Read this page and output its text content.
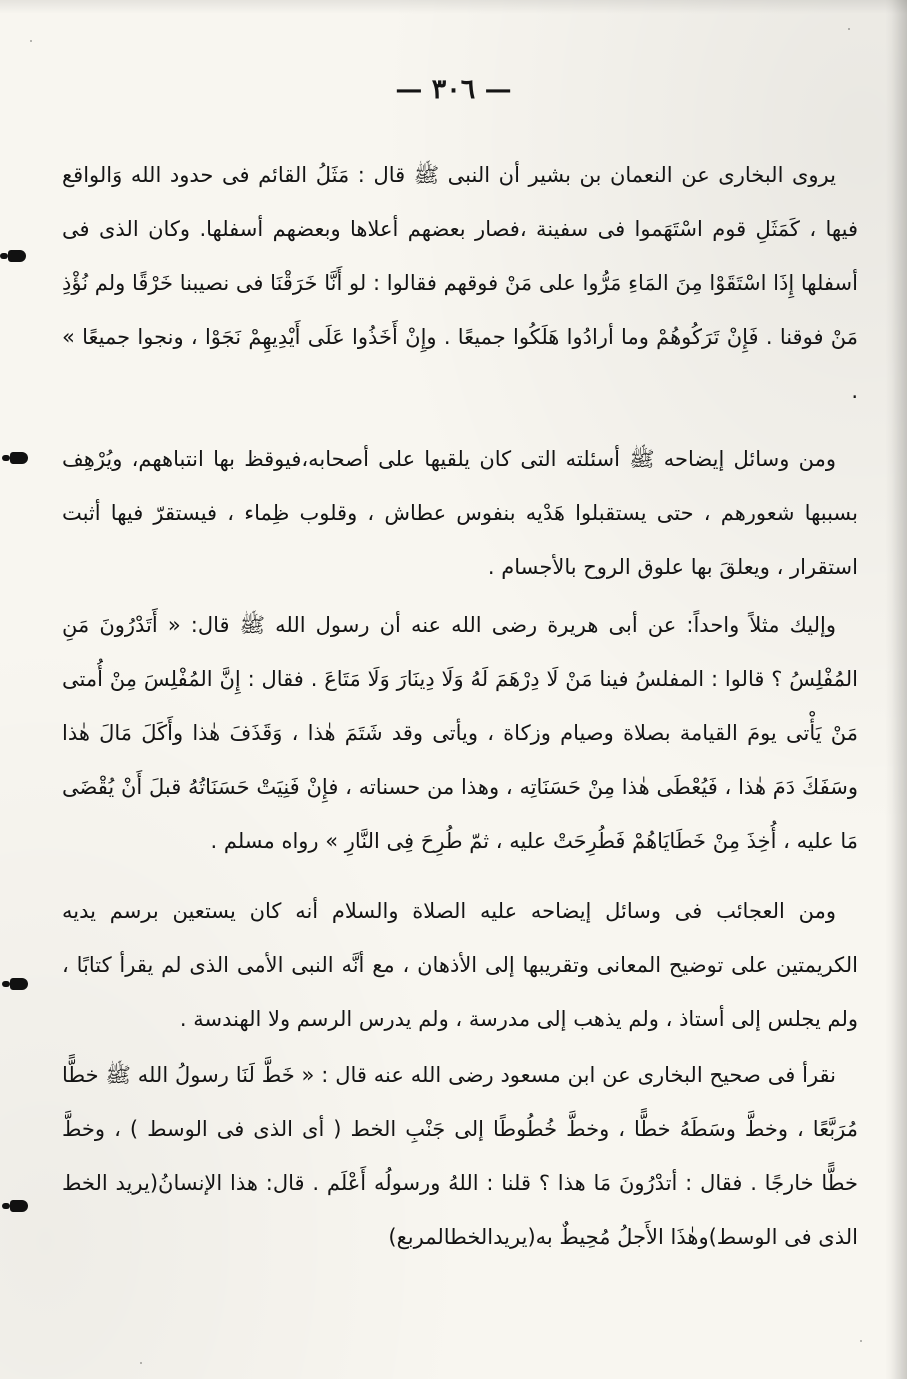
— ٣٠٦ —

يروى البخارى عن النعمان بن بشير أن النبى ﷺ قال : مَثَلُ القائم فى حدود الله وَالواقع فيها ، كَمَثَلِ قوم اسْتَهَموا فى سفينة ،فصار بعضهم أعلاها وبعضهم أسفلها. وكان الذى فى أسفلها إِذَا اسْتَقَوْا مِنَ المَاءِ مَرُّوا على مَنْ فوقهم فقالوا : لو أَنَّا خَرَقْنَا فى نصيبنا خَرْقًا ولم نُؤْذِ مَنْ فوقنا . فَإِنْ تَرَكُوهُمْ وما أرادُوا هَلَكُوا جميعًا . وإِنْ أَخَذُوا عَلَى أَيْدِيهِمْ نَجَوْا ، ونجوا جميعًا » .

ومن وسائل إيضاحه ﷺ أسئلته التى كان يلقيها على أصحابه،فيوقظ بها انتباههم، ويُرْهِف بسببها شعورهم ، حتى يستقبلوا هَدْيه بنفوس عطاش ، وقلوب ظِماء ، فيستقرّ فيها أثبت استقرار ، ويعلقَ بها علوق الروح بالأجسام .

وإليك مثلاً واحداً: عن أبى هريرة رضى الله عنه أن رسول الله ﷺ قال: « أَتَدْرُونَ مَنِ المُفْلِسُ ؟ قالوا : المفلسُ فينا مَنْ لَا دِرْهَمَ لَهُ وَلَا دِينَارَ وَلَا مَتَاعَ . فقال : إِنَّ المُفْلِسَ مِنْ أُمتى مَنْ يَأْتى يومَ القيامة بصلاة وصيام وزكاة ، ويأتى وقد شَتَمَ هٰذا ، وَقَذَفَ هٰذا وأَكَلَ مَالَ هٰذا وسَفَكَ دَمَ هٰذا ، فَيُعْطَى هٰذا مِنْ حَسَنَاتِه ، وهذا من حسناته ، فإِنْ فَنِيَتْ حَسَنَاتُهُ قبلَ أَنْ يُقْضَى مَا عليه ، أُخِذَ مِنْ خَطَايَاهُمْ فَطُرِحَتْ عليه ، ثمّ طُرِحَ فِى النَّارِ » رواه مسلم .

ومن العجائب فى وسائل إيضاحه عليه الصلاة والسلام أنه كان يستعين برسم يديه الكريمتين على توضيح المعانى وتقريبها إلى الأذهان ، مع أنَّه النبى الأمى الذى لم يقرأ كتابًا ، ولم يجلس إلى أستاذ ، ولم يذهب إلى مدرسة ، ولم يدرس الرسم ولا الهندسة .

نقرأ فى صحيح البخارى عن ابن مسعود رضى الله عنه قال : « خَطَّ لَنَا رسولُ الله ﷺ خطًّا مُرَبَّعًا ، وخطَّ وسَطَهُ خطًّا ، وخطَّ خُطُوطًا إلى جَنْبِ الخط ( أى الذى فى الوسط ) ، وخطَّ خطًّا خارجًا . فقال : أتدْرُونَ مَا هذا ؟ قلنا : اللهُ ورسولُه أَعْلَم . قال: هذا الإنسانُ(يريد الخط الذى فى الوسط)وهٰذَا الأَجلُ مُحِيطٌ به(يريدالخطالمربع)
